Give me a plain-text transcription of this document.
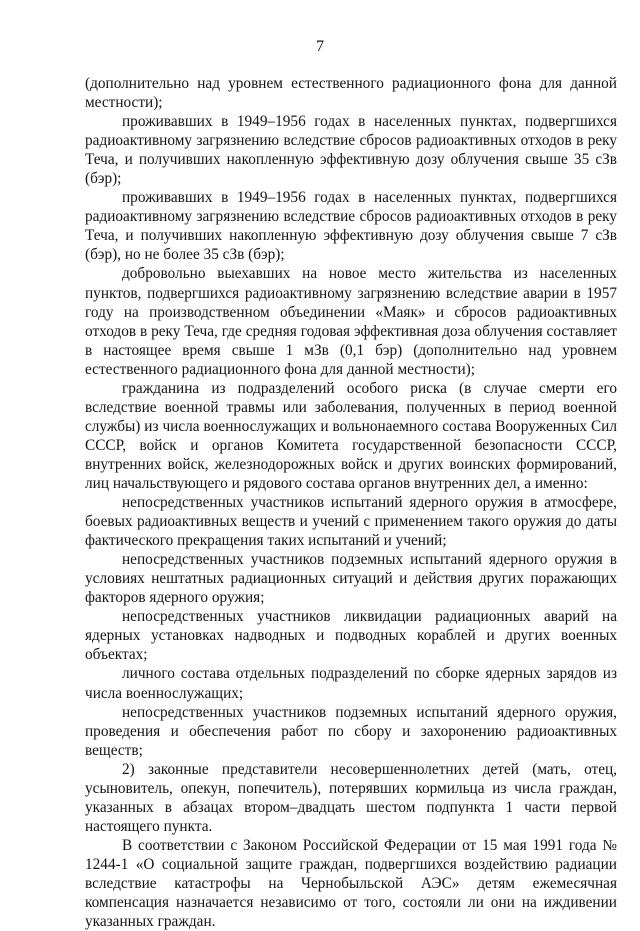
7

(дополнительно над уровнем естественного радиационного фона для данной местности);

проживавших в 1949–1956 годах в населенных пунктах, подвергшихся радиоактивному загрязнению вследствие сбросов радиоактивных отходов в реку Теча, и получивших накопленную эффективную дозу облучения свыше 35 сЗв (бэр);

проживавших в 1949–1956 годах в населенных пунктах, подвергшихся радиоактивному загрязнению вследствие сбросов радиоактивных отходов в реку Теча, и получивших накопленную эффективную дозу облучения свыше 7 сЗв (бэр), но не более 35 сЗв (бэр);

добровольно выехавших на новое место жительства из населенных пунктов, подвергшихся радиоактивному загрязнению вследствие аварии в 1957 году на производственном объединении «Маяк» и сбросов радиоактивных отходов в реку Теча, где средняя годовая эффективная доза облучения составляет в настоящее время свыше 1 мЗв (0,1 бэр) (дополнительно над уровнем естественного радиационного фона для данной местности);

гражданина из подразделений особого риска (в случае смерти его вследствие военной травмы или заболевания, полученных в период военной службы) из числа военнослужащих и вольнонаемного состава Вооруженных Сил СССР, войск и органов Комитета государственной безопасности СССР, внутренних войск, железнодорожных войск и других воинских формирований, лиц начальствующего и рядового состава органов внутренних дел, а именно:

непосредственных участников испытаний ядерного оружия в атмосфере, боевых радиоактивных веществ и учений с применением такого оружия до даты фактического прекращения таких испытаний и учений;

непосредственных участников подземных испытаний ядерного оружия в условиях нештатных радиационных ситуаций и действия других поражающих факторов ядерного оружия;

непосредственных участников ликвидации радиационных аварий на ядерных установках надводных и подводных кораблей и других военных объектах;

личного состава отдельных подразделений по сборке ядерных зарядов из числа военнослужащих;

непосредственных участников подземных испытаний ядерного оружия, проведения и обеспечения работ по сбору и захоронению радиоактивных веществ;

2) законные представители несовершеннолетних детей (мать, отец, усыновитель, опекун, попечитель), потерявших кормильца из числа граждан, указанных в абзацах втором–двадцать шестом подпункта 1 части первой настоящего пункта.

В соответствии с Законом Российской Федерации от 15 мая 1991 года № 1244-1 «О социальной защите граждан, подвергшихся воздействию радиации вследствие катастрофы на Чернобыльской АЭС» детям ежемесячная компенсация назначается независимо от того, состояли ли они на иждивении указанных граждан.
